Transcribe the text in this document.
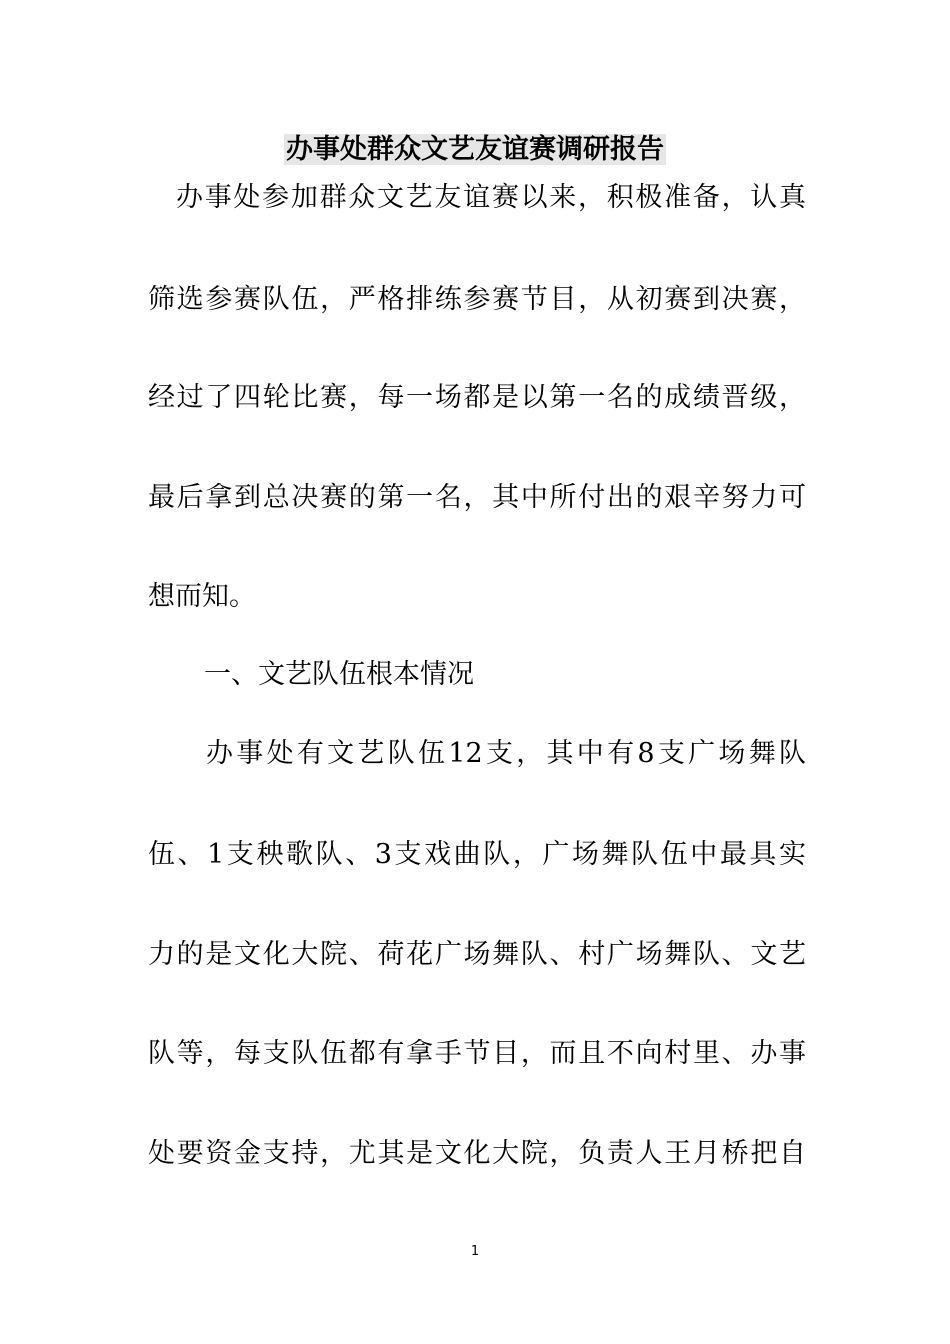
办事处群众文艺友谊赛调研报告
办事处参加群众文艺友谊赛以来，积极准备，认真
筛选参赛队伍，严格排练参赛节目，从初赛到决赛，
经过了四轮比赛，每一场都是以第一名的成绩晋级，
最后拿到总决赛的第一名，其中所付出的艰辛努力可
想而知。
一、文艺队伍根本情况
办事处有文艺队伍12支，其中有8支广场舞队
伍、1支秧歌队、3支戏曲队，广场舞队伍中最具实
力的是文化大院、荷花广场舞队、村广场舞队、文艺
队等，每支队伍都有拿手节目，而且不向村里、办事
处要资金支持，尤其是文化大院，负责人王月桥把自
1
